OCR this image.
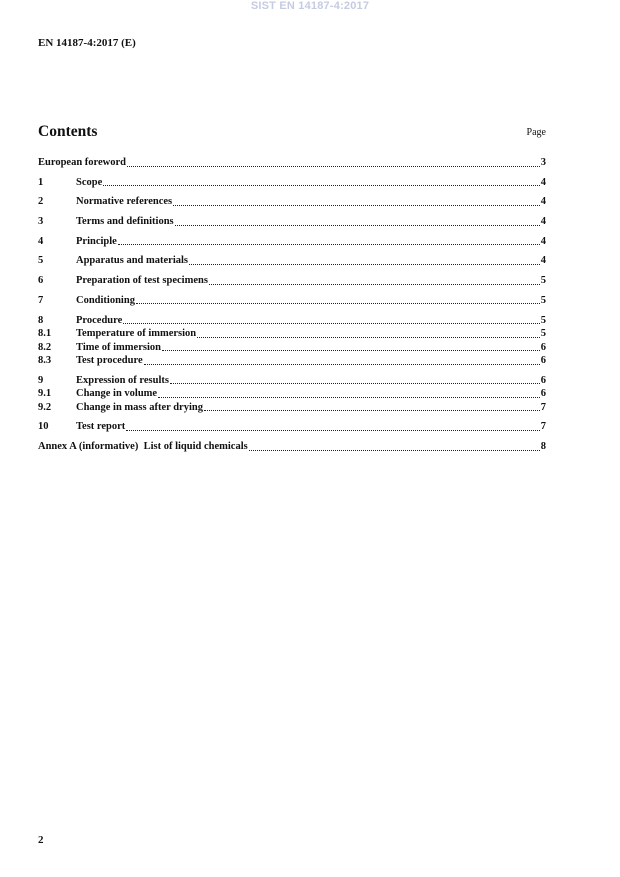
SIST EN 14187-4:2017
EN 14187-4:2017 (E)
Contents	Page
European foreword	3
1	Scope	4
2	Normative references	4
3	Terms and definitions	4
4	Principle	4
5	Apparatus and materials	4
6	Preparation of test specimens	5
7	Conditioning	5
8	Procedure	5
8.1	Temperature of immersion	5
8.2	Time of immersion	6
8.3	Test procedure	6
9	Expression of results	6
9.1	Change in volume	6
9.2	Change in mass after drying	7
10	Test report	7
Annex A (informative)  List of liquid chemicals	8
2
